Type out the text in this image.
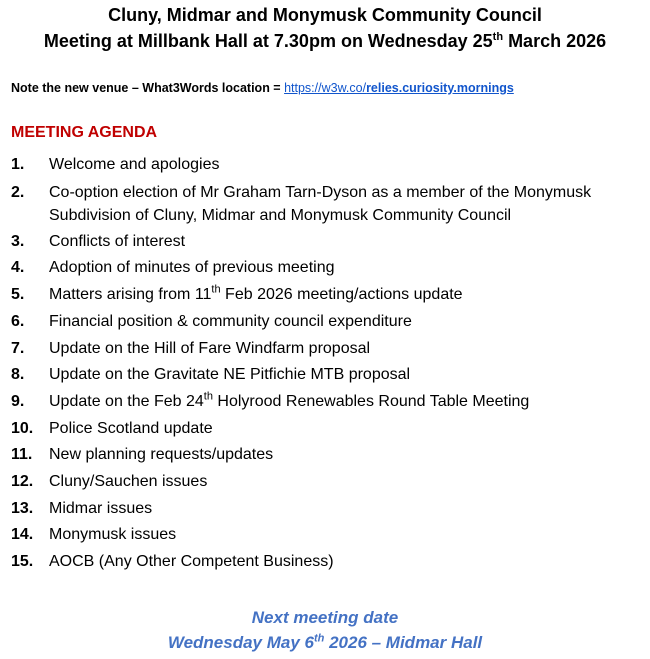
Cluny, Midmar and Monymusk Community Council
Meeting at Millbank Hall at 7.30pm on Wednesday 25th March 2026
Note the new venue – What3Words location = https://w3w.co/relies.curiosity.mornings
MEETING AGENDA
1. Welcome and apologies
2. Co-option election of Mr Graham Tarn-Dyson as a member of the Monymusk Subdivision of Cluny, Midmar and Monymusk Community Council
3. Conflicts of interest
4. Adoption of minutes of previous meeting
5. Matters arising from 11th Feb 2026 meeting/actions update
6. Financial position & community council expenditure
7. Update on the Hill of Fare Windfarm proposal
8. Update on the Gravitate NE Pitfichie MTB proposal
9. Update on the Feb 24th Holyrood Renewables Round Table Meeting
10. Police Scotland update
11. New planning requests/updates
12. Cluny/Sauchen issues
13. Midmar issues
14. Monymusk issues
15. AOCB (Any Other Competent Business)
Next meeting date
Wednesday May 6th 2026 – Midmar Hall
